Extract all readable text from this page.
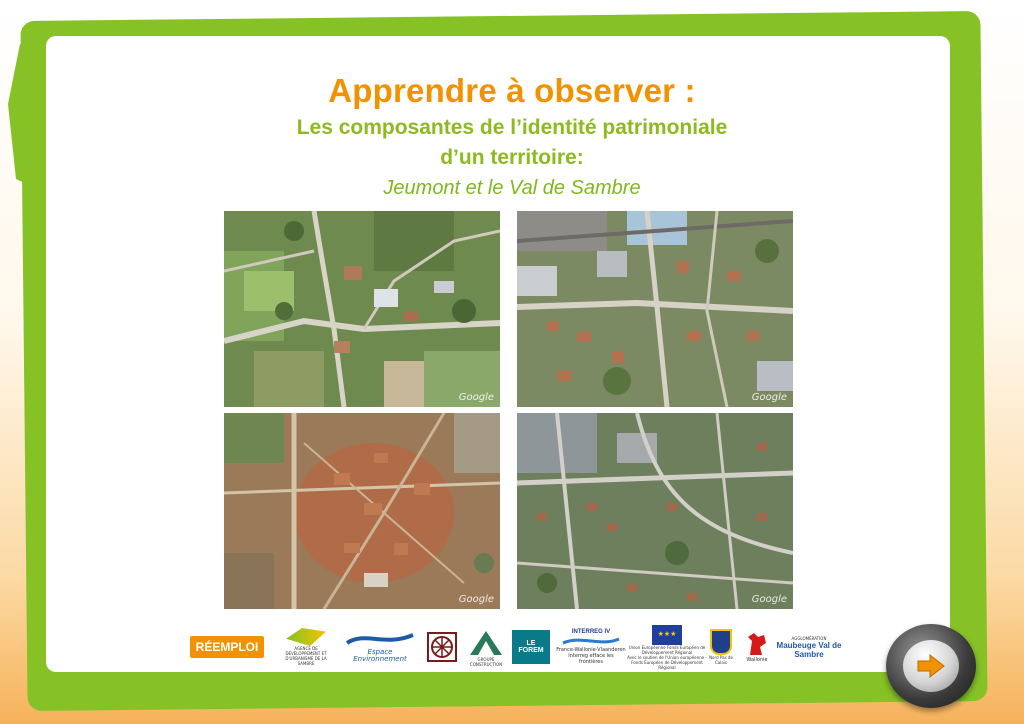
Apprendre à observer :

Les composantes de l’identité patrimoniale

d’un territoire:

Jeumont et le Val de Sambre

Google	Google
Google	Google
RÉEMPLOI	AGENCE DE DÉVELOPPEMENT ET D'URBANISME DE LA SAMBRE
Espace Environnement	GROUPE CONSTRUCTION
LE FOREM
INTERREG IV
France-Wallonie-Vlaanderen
Interreg efface les frontières
★★★
Union Européenne Fonds Européen de Développement Régional
Avec le soutien de l'Union européenne - Fonds Européen de Développement Régional
Nord Pas de Calais	Wallonie
AGGLOMÉRATION
Maubeuge Val de Sambre
